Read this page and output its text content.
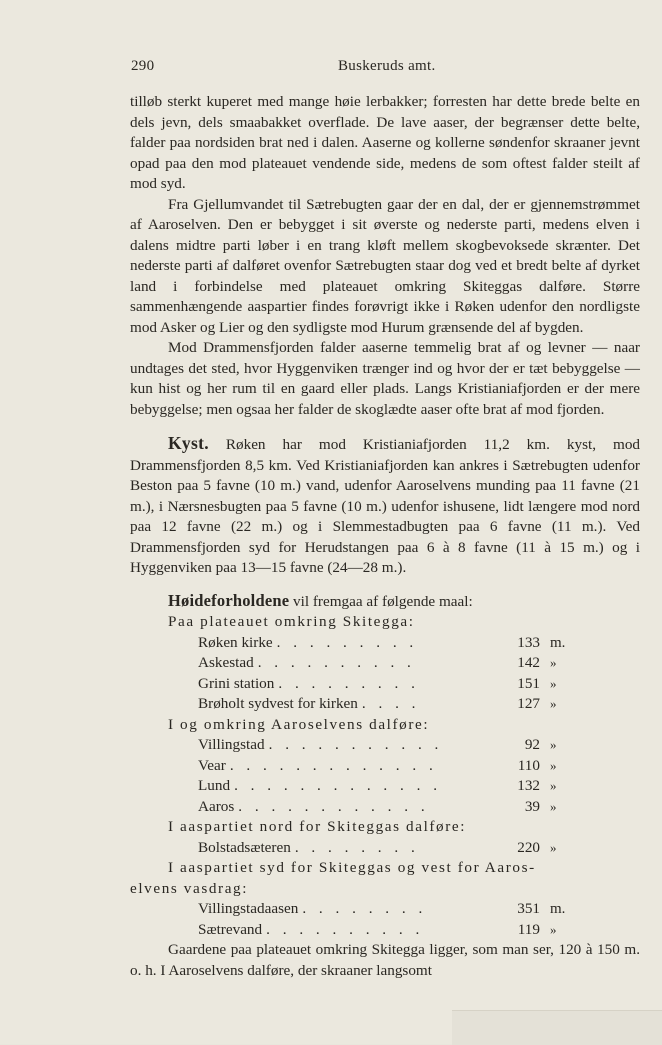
290	Buskeruds amt.

tilløb sterkt kuperet med mange høie lerbakker; forresten har dette brede belte en dels jevn, dels smaabakket overflade. De lave aaser, der begrænser dette belte, falder paa nordsiden brat ned i dalen. Aaserne og kollerne søndenfor skraaner jevnt opad paa den mod plateauet vendende side, medens de som oftest falder steilt af mod syd.

Fra Gjellumvandet til Sætrebugten gaar der en dal, der er gjennemstrømmet af Aaroselven. Den er bebygget i sit øverste og nederste parti, medens elven i dalens midtre parti løber i en trang kløft mellem skogbevoksede skrænter. Det nederste parti af dalføret ovenfor Sætrebugten staar dog ved et bredt belte af dyrket land i forbindelse med plateauet omkring Skiteggas dalføre. Større sammenhængende aaspartier findes forøvrigt ikke i Røken udenfor den nordligste mod Asker og Lier og den sydligste mod Hurum grænsende del af bygden.

Mod Drammensfjorden falder aaserne temmelig brat af og levner — naar undtages det sted, hvor Hyggenviken trænger ind og hvor der er tæt bebyggelse — kun hist og her rum til en gaard eller plads. Langs Kristianiafjorden er der mere bebyggelse; men ogsaa her falder de skoglædte aaser ofte brat af mod fjorden.

Kyst. Røken har mod Kristianiafjorden 11,2 km. kyst, mod Drammensfjorden 8,5 km. Ved Kristianiafjorden kan ankres i Sætrebugten udenfor Beston paa 5 favne (10 m.) vand, udenfor Aaroselvens munding paa 11 favne (21 m.), i Nærsnesbugten paa 5 favne (10 m.) udenfor ishusene, lidt længere mod nord paa 12 favne (22 m.) og i Slemmestadbugten paa 6 favne (11 m.). Ved Drammensfjorden syd for Herudstangen paa 6 à 8 favne (11 à 15 m.) og i Hyggenviken paa 13—15 favne (24—28 m.).

Høideforholdene vil fremgaa af følgende maal:
Paa plateauet omkring Skitegga:
Røken kirke . . . . . . . . .	133 m.
Askestad . . . . . . . . . .	142 »
Grini station . . . . . . . . .	151 »
Brøholt sydvest for kirken . . . .	127 »
I og omkring Aaroselvens dalføre:
Villingstad . . . . . . . . . . .	92 »
Vear . . . . . . . . . . . . .	110 »
Lund . . . . . . . . . . . . .	132 »
Aaros . . . . . . . . . . . .	39 »
I aaspartiet nord for Skiteggas dalføre:
Bolstadsæteren . . . . . . . .	220 »
I aaspartiet syd for Skiteggas og vest for Aaros-
elvens vasdrag:
Villingstadaasen . . . . . . . .	351 m.
Sætrevand . . . . . . . . . .	119 »

Gaardene paa plateauet omkring Skitegga ligger, som man ser, 120 à 150 m. o. h. I Aaroselvens dalføre, der skraaner langsomt
